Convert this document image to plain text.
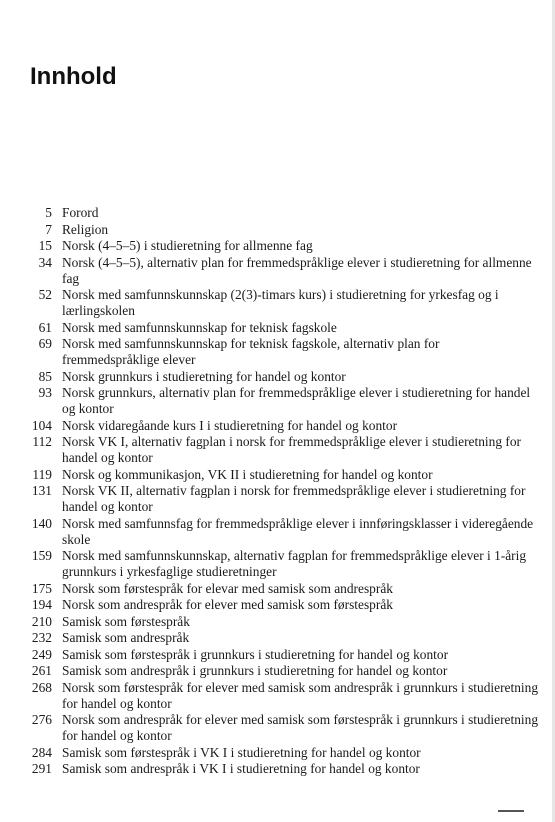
Innhold
5 Forord
7 Religion
15 Norsk (4–5–5) i studieretning for allmenne fag
34 Norsk (4–5–5), alternativ plan for fremmedspråklige elever i studieretning for allmenne fag
52 Norsk med samfunnskunnskap (2(3)-timars kurs) i studieretning for yrkesfag og i lærlingskolen
61 Norsk med samfunnskunnskap for teknisk fagskole
69 Norsk med samfunnskunnskap for teknisk fagskole, alternativ plan for fremmedspråklige elever
85 Norsk grunnkurs i studieretning for handel og kontor
93 Norsk grunnkurs, alternativ plan for fremmedspråklige elever i studieretning for handel og kontor
104 Norsk vidaregåande kurs I i studieretning for handel og kontor
112 Norsk VK I, alternativ fagplan i norsk for fremmedspråklige elever i studieretning for handel og kontor
119 Norsk og kommunikasjon, VK II i studieretning for handel og kontor
131 Norsk VK II, alternativ fagplan i norsk for fremmedspråklige elever i studieretning for handel og kontor
140 Norsk med samfunnsfag for fremmedspråklige elever i innføringsklasser i videregående skole
159 Norsk med samfunnskunnskap, alternativ fagplan for fremmedspråklige elever i 1-årig grunnkurs i yrkesfaglige studieretninger
175 Norsk som førstespråk for elevar med samisk som andrespråk
194 Norsk som andrespråk for elever med samisk som førstespråk
210 Samisk som førstespråk
232 Samisk som andrespråk
249 Samisk som førstespråk i grunnkurs i studieretning for handel og kontor
261 Samisk som andrespråk i grunnkurs i studieretning for handel og kontor
268 Norsk som førstespråk for elever med samisk som andrespråk i grunnkurs i studieretning for handel og kontor
276 Norsk som andrespråk for elever med samisk som førstespråk i grunnkurs i studieretning for handel og kontor
284 Samisk som førstespråk i VK I i studieretning for handel og kontor
291 Samisk som andrespråk i VK I i studieretning for handel og kontor
